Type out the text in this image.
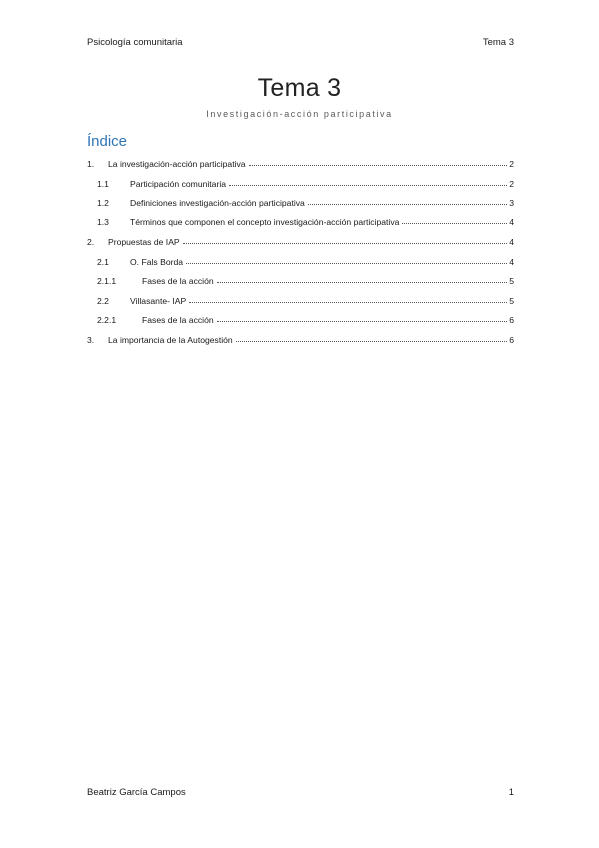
Psicología comunitaria	Tema 3
Tema 3
Investigación-acción participativa
Índice
1.	La investigación-acción participativa	2
1.1	Participación comunitaria	2
1.2	Definiciones investigación-acción participativa	3
1.3	Términos que componen el concepto investigación-acción participativa	4
2.	Propuestas de IAP	4
2.1	O. Fals Borda	4
2.1.1	Fases de la acción	5
2.2	Villasante- IAP	5
2.2.1	Fases de la acción	6
3.	La importancia de la Autogestión	6
Beatriz García Campos	1
